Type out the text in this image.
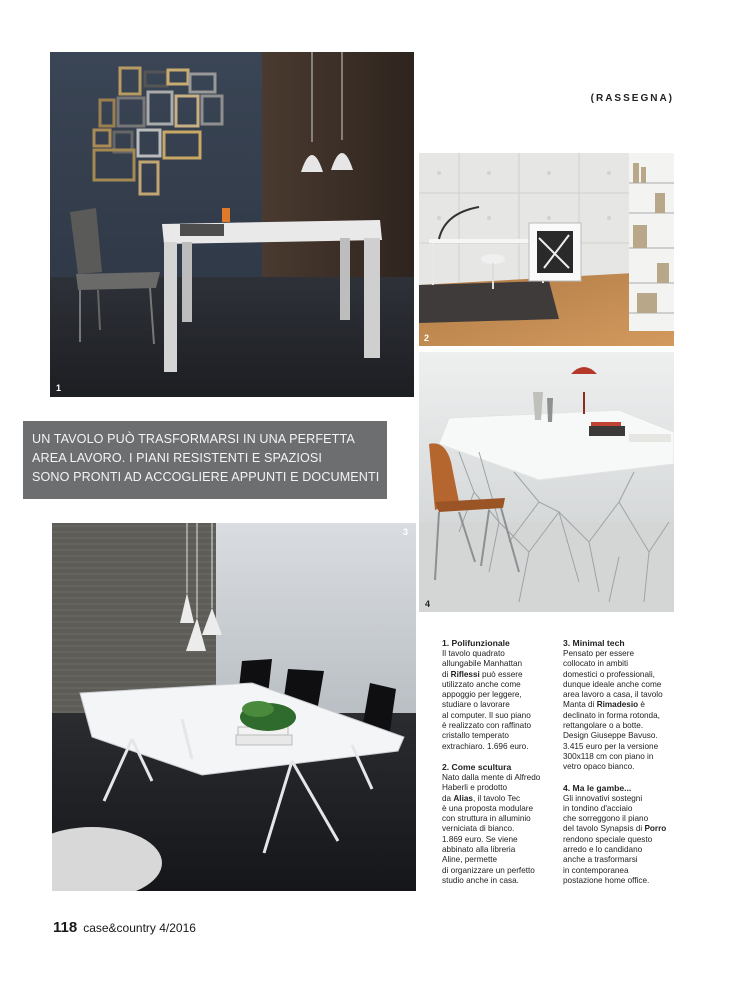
(RASSEGNA)
1
2
4
UN TAVOLO PUÒ TRASFORMARSI IN UNA PERFETTA
AREA LAVORO. I PIANI RESISTENTI E SPAZIOSI
SONO PRONTI AD ACCOGLIERE APPUNTI E DOCUMENTI
3
1. Polifunzionale

Il tavolo quadrato

allungabile Manhattan

di Riflessi può essere

utilizzato anche come

appoggio per leggere,

studiare o lavorare

al computer. Il suo piano

è realizzato con raffinato

cristallo temperato

extrachiaro. 1.696 euro.

2. Come scultura

Nato dalla mente di Alfredo

Haberli e prodotto

da Alias, il tavolo Tec

è una proposta modulare

con struttura in alluminio

verniciata di bianco.

1.869 euro. Se viene

abbinato alla libreria

Aline, permette

di organizzare un perfetto

studio anche in casa.

3. Minimal tech

Pensato per essere

collocato in ambiti

domestici o professionali,

dunque ideale anche come

area lavoro a casa, il tavolo

Manta di Rimadesio è

declinato in forma rotonda,

rettangolare o a botte.

Design Giuseppe Bavuso.

3.415 euro per la versione

300x118 cm con piano in

vetro opaco bianco.

4. Ma le gambe...

Gli innovativi sostegni

in tondino d'acciaio

che sorreggono il piano

del tavolo Synapsis di Porro

rendono speciale questo

arredo e lo candidano

anche a trasformarsi

in contemporanea

postazione home office.

118 case&country 4/2016
